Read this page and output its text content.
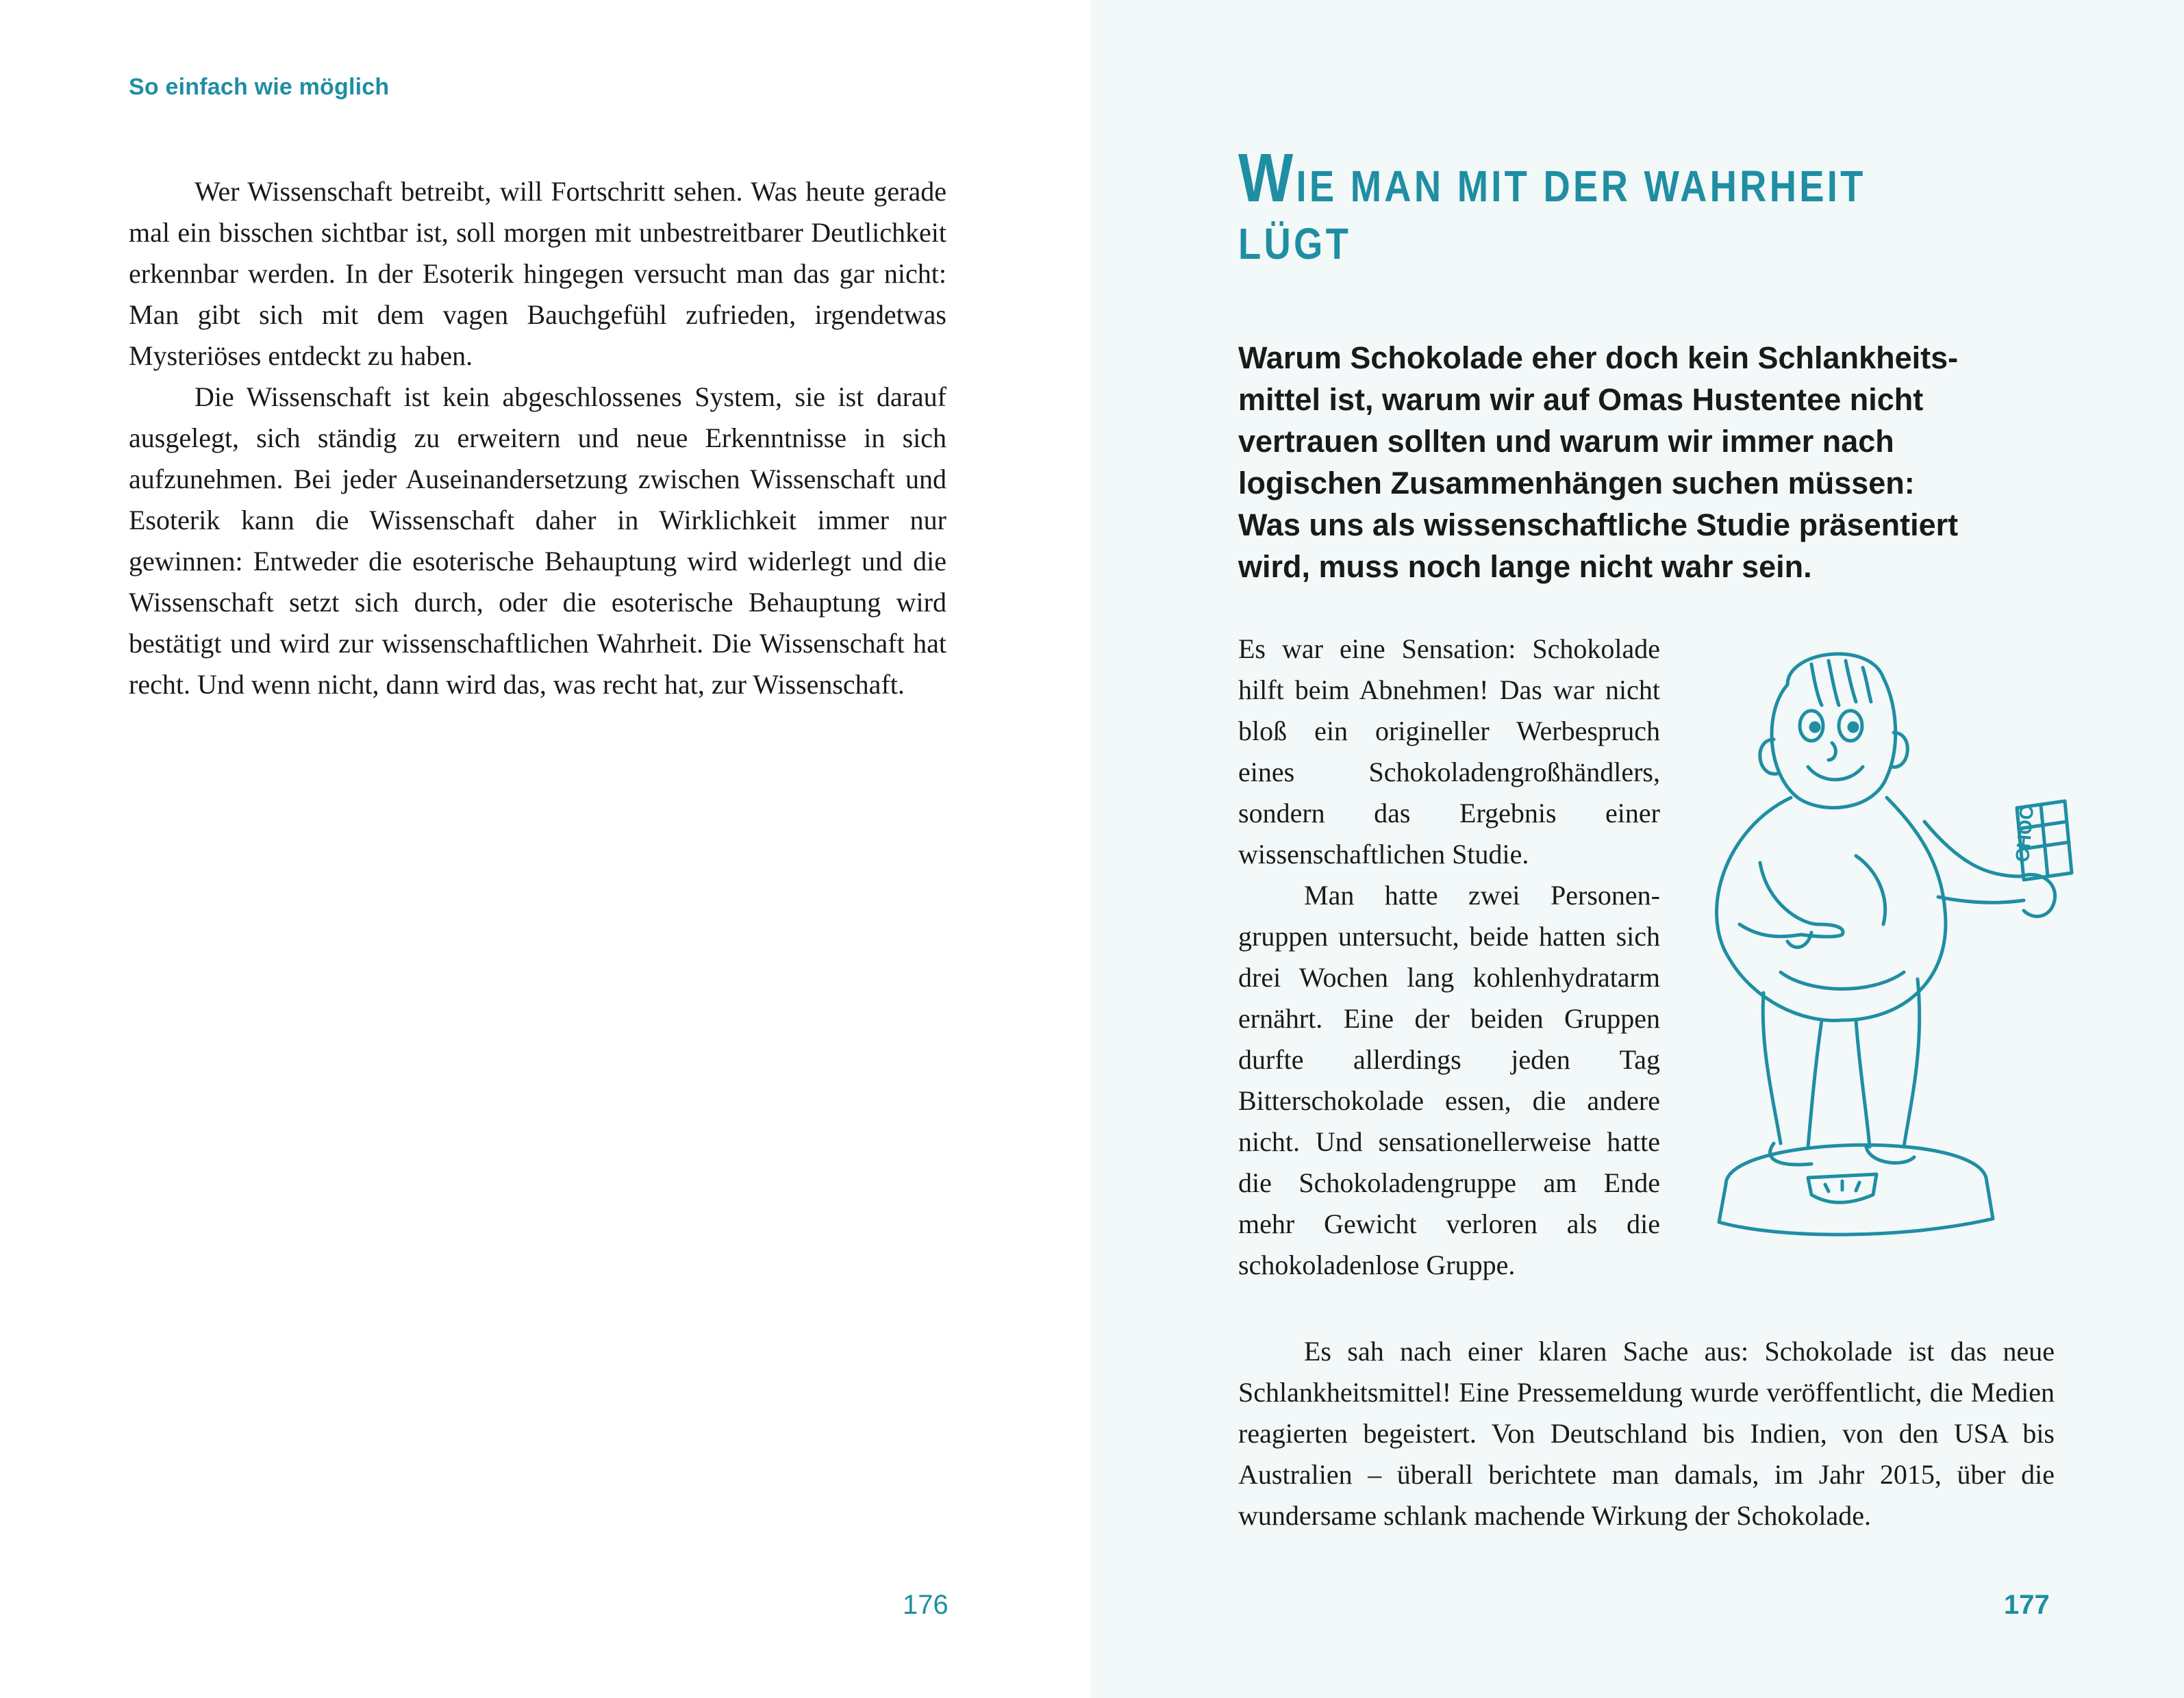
So einfach wie möglich

Wer Wissenschaft betreibt, will Fortschritt sehen. Was heute gerade mal ein bisschen sichtbar ist, soll morgen mit unbestreitbarer Deutlichkeit erkennbar werden. In der Esoterik hingegen versucht man das gar nicht: Man gibt sich mit dem vagen Bauchgefühl zufrieden, irgendetwas Mysteriöses entdeckt zu haben.

Die Wissenschaft ist kein abgeschlossenes System, sie ist darauf ausgelegt, sich ständig zu erweitern und neue Erkenntnisse in sich aufzunehmen. Bei jeder Auseinandersetzung zwischen Wissenschaft und Esoterik kann die Wissenschaft daher in Wirklichkeit immer nur gewinnen: Entweder die esoterische Behauptung wird widerlegt und die Wissenschaft setzt sich durch, oder die esoterische Behauptung wird bestätigt und wird zur wissenschaftlichen Wahrheit. Die Wissenschaft hat recht. Und wenn nicht, dann wird das, was recht hat, zur Wissenschaft.

176
WIE MAN MIT DER WAHRHEIT
LÜGT
Warum Schokolade eher doch kein Schlankheits-
mittel ist, warum wir auf Omas Hustentee nicht
vertrauen sollten und warum wir immer nach
logischen Zusammenhängen suchen müssen:
Was uns als wissenschaftliche Studie präsentiert
wird, muss noch lange nicht wahr sein.

Es war eine Sensation: Schokolade hilft beim Abnehmen! Das war nicht bloß ein origineller Werbespruch eines Schokoladengroßhändlers, sondern das Ergebnis einer wissenschaftlichen Studie.

Man hatte zwei Personengruppen untersucht, beide hatten sich drei Wochen lang kohlenhydratarm ernährt. Eine der beiden Gruppen durfte allerdings jeden Tag Bitterschokolade essen, die andere nicht. Und sensationellerweise hatte die Schokoladengruppe am Ende mehr Gewicht verloren als die schokoladenlose Gruppe.

CHOC

Es sah nach einer klaren Sache aus: Schokolade ist das neue Schlankheitsmittel! Eine Pressemeldung wurde veröffentlicht, die Medien reagierten begeistert. Von Deutschland bis Indien, von den USA bis Australien – überall berichtete man damals, im Jahr 2015, über die wundersame schlank machende Wirkung der Schokolade.

177
